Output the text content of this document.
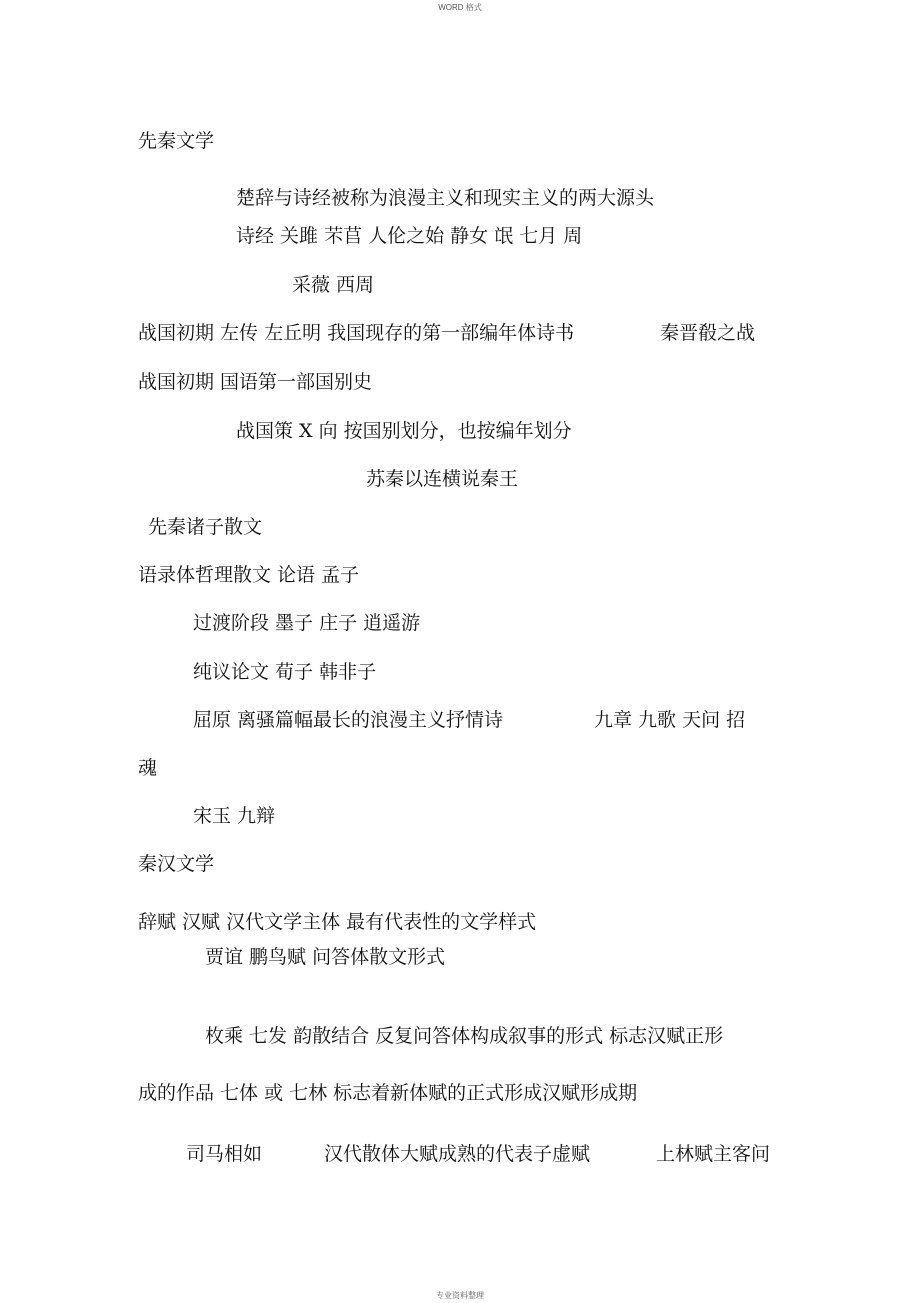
WORD 格式
先秦文学
楚辞与诗经被称为浪漫主义和现实主义的两大源头
诗经 关雎 芣苢 人伦之始 静女 氓 七月 周
采薇 西周
战国初期 左传 左丘明 我国现存的第一部编年体诗书	秦晋殽之战
战国初期 国语第一部国别史
战国策 X 向 按国别划分，也按编年划分
苏秦以连横说秦王
先秦诸子散文
语录体哲理散文 论语 孟子
过渡阶段 墨子 庄子 逍遥游
纯议论文 荀子 韩非子
屈原 离骚篇幅最长的浪漫主义抒情诗	九章 九歌 天问 招
魂
宋玉 九辩
秦汉文学
辞赋 汉赋 汉代文学主体 最有代表性的文学样式
贾谊 鹏鸟赋 问答体散文形式
枚乘 七发 韵散结合 反复问答体构成叙事的形式 标志汉赋正形
成的作品 七体 或 七林 标志着新体赋的正式形成汉赋形成期
司马相如	汉代散体大赋成熟的代表子虚赋	上林赋主客问
专业资料整理
